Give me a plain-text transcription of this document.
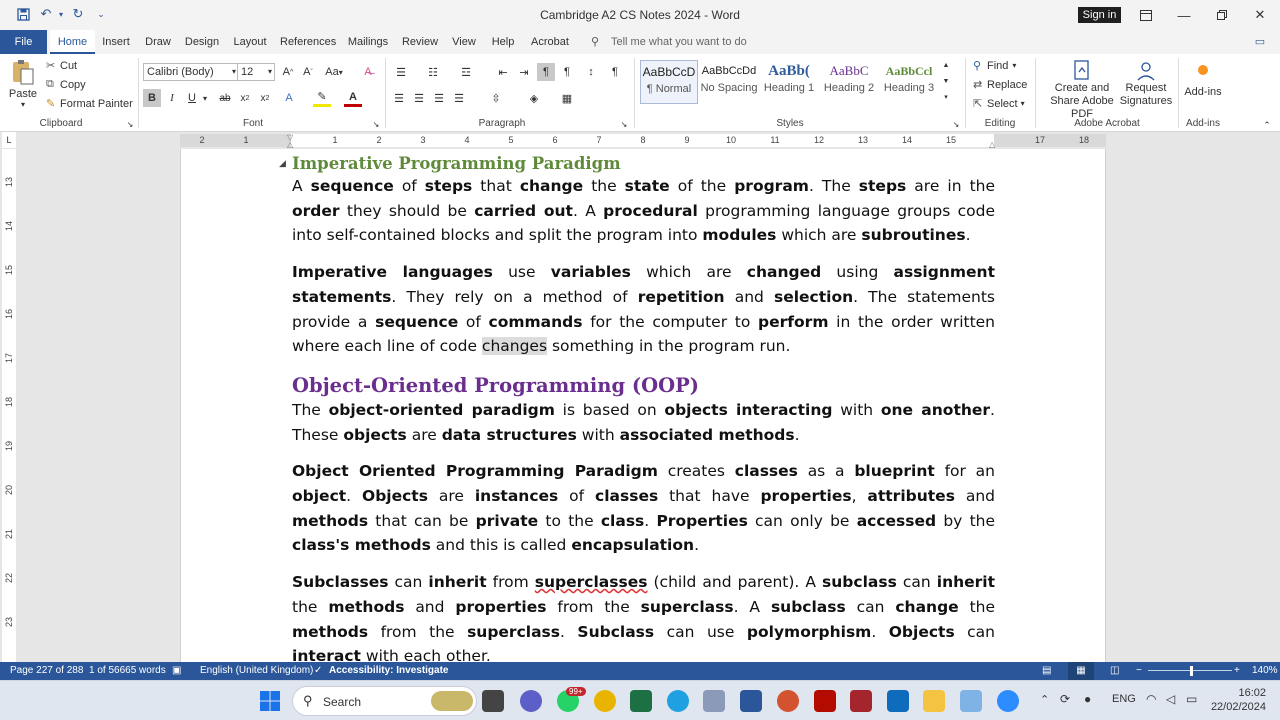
↶ ▾ ↻ ⌄	Cambridge A2 CS Notes 2024 - Word	Sign in	—	✕
File	Home	Insert Draw Design Layout References Mailings Review View Help Acrobat ⚲ Tell me what you want to do	▭
Paste
▾
✂ Cut
⧉ Copy
✎ Format Painter
Clipboard	↘
Calibri (Body) ▾ 12 ▾ A ^ A ˇ Aa ▾	A̶
B	I	U ▾	ab x 2	x 2	A	✎	A
Font	↘
☰	☷	☲	⇤	⇥	¶	¶	↕	¶
☰ ☰ ☰ ☰	⇳	◈	▦
Paragraph	↘
AaBbCcD
¶ Normal
AaBbCcDd
No Spacing
AaBb(
Heading 1
AaBbC
Heading 2
AaBbCcl
Heading 3
▲
▼
▾
Styles	↘
⚲ Find ▾
⇄ Replace
⇱ Select ▾
Editing
Create and Share Adobe PDF
Request Signatures
Adobe Acrobat
Add-ins
Add-ins	⌃
L	2	1	1	2	3	4	5	6	7	8	9	10	11	12	13	14	15	17	18
▽
△	△
13
14
15
16
17
18
19
20
21
22
23
◢ Imperative Programming Paradigm

A sequence of steps that change the state of the program. The steps are in the order they should be carried out. A procedural programming language groups code into self-contained blocks and split the program into modules which are subroutines.

Imperative languages use variables which are changed using assignment statements. They rely on a method of repetition and selection. The statements provide a sequence of commands for the computer to perform in the order written where each line of code changes something in the program run.

Object-Oriented Programming (OOP)

The object-oriented paradigm is based on objects interacting with one another. These objects are data structures with associated methods.

Object Oriented Programming Paradigm creates classes as a blueprint for an object. Objects are instances of classes that have properties, attributes and methods that can be private to the class. Properties can only be accessed by the class's methods and this is called encapsulation.

Subclasses can inherit from superclasses (child and parent). A subclass can inherit the methods and properties from the superclass. A subclass can change the methods from the superclass. Subclass can use polymorphism. Objects can interact with each other.

Page 227 of 288 1 of 56665 words ▣ English (United Kingdom) ✓ Accessibility: Investigate	▤	▦	◫ −	+ 140%
⚲ Search
99+
⌃ ⟳ ● ENG ◠ ◁ ▭	16:02
22/02/2024
